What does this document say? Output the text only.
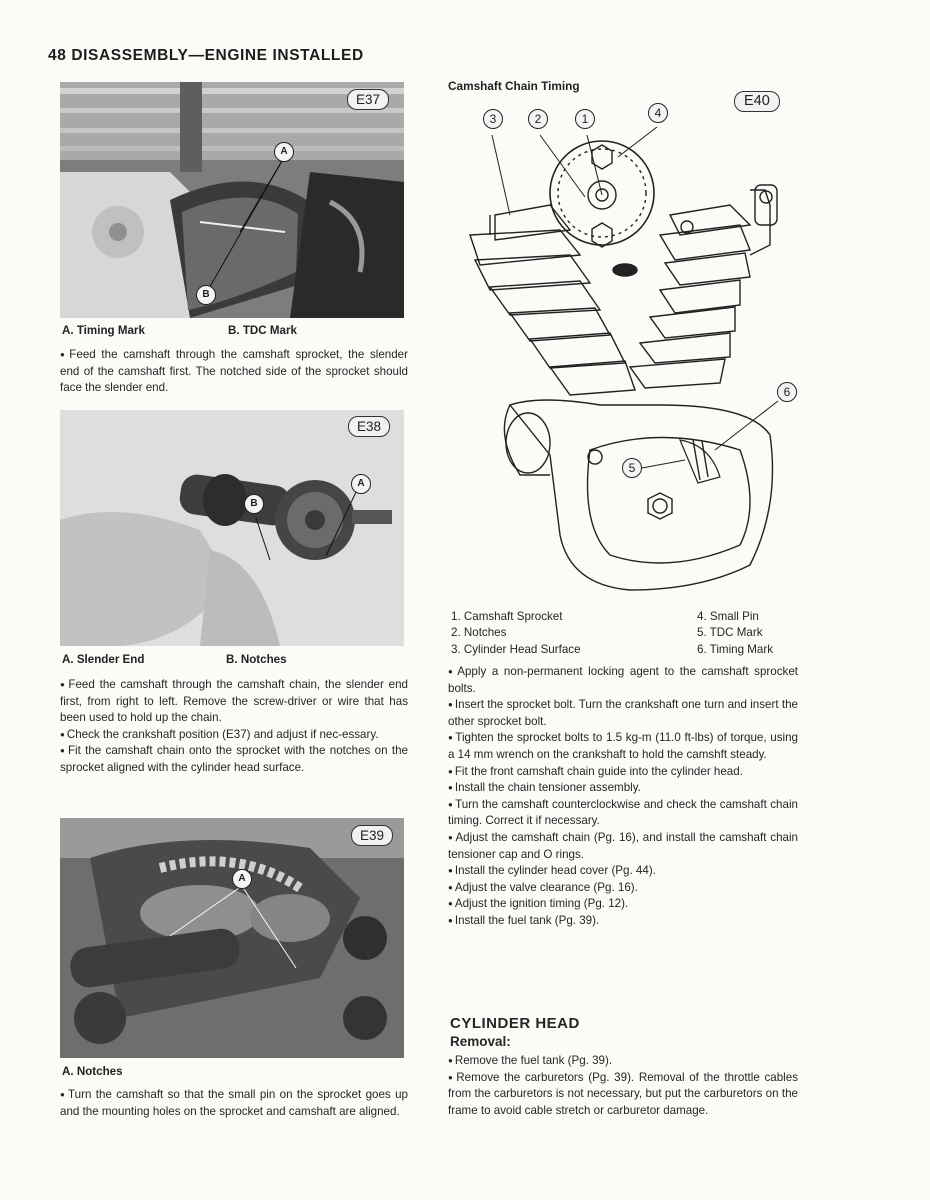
48 DISASSEMBLY—ENGINE INSTALLED
E37
A
B
A. Timing Mark	B. TDC Mark

● Feed the camshaft through the camshaft sprocket, the slender end of the camshaft first. The notched side of the sprocket should face the slender end.

E38
A
B
A. Slender End	B. Notches

● Feed the camshaft through the camshaft chain, the slender end first, from right to left. Remove the screw-driver or wire that has been used to hold up the chain.

● Check the crankshaft position (E37) and adjust if nec-essary.

● Fit the camshaft chain onto the sprocket with the notches on the sprocket aligned with the cylinder head surface.

E39
A
A. Notches

● Turn the camshaft so that the small pin on the sprocket goes up and the mounting holes on the sprocket and camshaft are aligned.

Camshaft Chain Timing
E40
3	2	1	4
5
6
1. Camshaft Sprocket
2. Notches
3. Cylinder Head Surface
4. Small Pin
5. TDC Mark
6. Timing Mark

● Apply a non-permanent locking agent to the camshaft sprocket bolts.

● Insert the sprocket bolt. Turn the crankshaft one turn and insert the other sprocket bolt.

● Tighten the sprocket bolts to 1.5 kg-m (11.0 ft-lbs) of torque, using a 14 mm wrench on the crankshaft to hold the camshft steady.

● Fit the front camshaft chain guide into the cylinder head.

● Install the chain tensioner assembly.

● Turn the camshaft counterclockwise and check the camshaft chain timing. Correct it if necessary.

● Adjust the camshaft chain (Pg. 16), and install the camshaft chain tensioner cap and O rings.

● Install the cylinder head cover (Pg. 44).

● Adjust the valve clearance (Pg. 16).

● Adjust the ignition timing (Pg. 12).

● Install the fuel tank (Pg. 39).

CYLINDER HEAD
Removal:

● Remove the fuel tank (Pg. 39).

● Remove the carburetors (Pg. 39). Removal of the throttle cables from the carburetors is not necessary, but put the carburetors on the frame to avoid cable stretch or carburetor damage.
